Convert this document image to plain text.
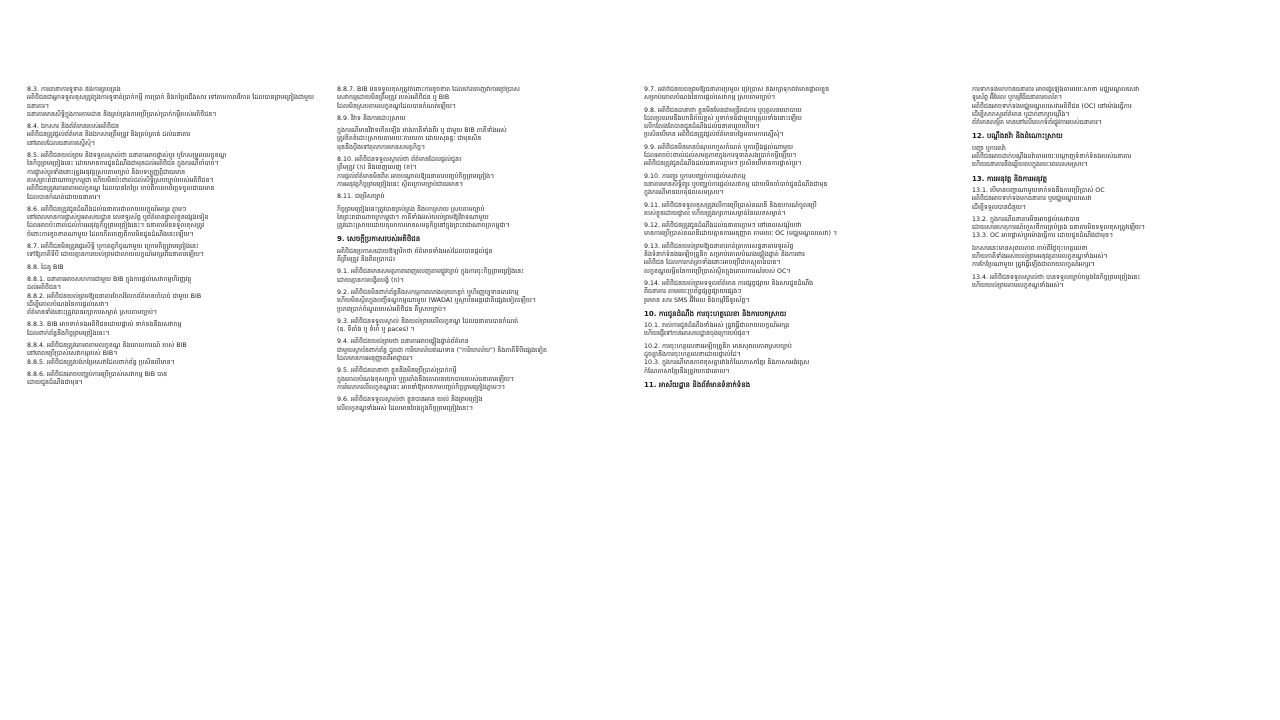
8.3. ការធានាការទូទាត់ និងការគ្រប់គ្រង
អតិថិជនជាអ្នកទទួលខុសត្រូវក្នុងការទូទាត់ប្រាក់កម្ចី ការប្រាក់ និងកម្រៃជើងសារ ទៅតាមកាលវិភាគ ដែលបានព្រមព្រៀងជាមួយធនាគារ។
ធនាគារមានសិទ្ធិក្នុងការតាមដាន និងគ្រប់គ្រងការប្រើប្រាស់ប្រាក់កម្ចីរបស់អតិថិជន។
8.4. ឯកសារ និងព័ត៌មានរបស់អតិថិជន
អតិថិជនត្រូវផ្តល់ព័ត៌មាន និងឯកសារត្រឹមត្រូវ និងគ្រប់គ្រាន់ ដល់ធនាគារ
នៅពេលដែលធនាគារស្នើសុំ។
8.5. អតិថិជនយល់ព្រម និងទទួលស្គាល់ថា ធនាគារអាចផ្លាស់ប្តូរ ឬកែសម្រួលលក្ខខណ្ឌ
នៃកិច្ចព្រមព្រៀងនេះ ដោយមានការជូនដំណឹងជាមុនដល់អតិថិជន ក្នុងករណីចាំបាច់។
ការផ្លាស់ប្តូរទាំងនោះត្រូវអនុវត្តស្របតាមច្បាប់ និងបទប្បញ្ញត្តិជាធរមាន
របស់ព្រះរាជាណាចក្រកម្ពុជា ហើយមិនប៉ះពាល់ដល់សិទ្ធិស្របច្បាប់របស់អតិថិជន។
អតិថិជនត្រូវគោរពតាមលក្ខខណ្ឌ ដែលបានកែប្រែ ចាប់ពីកាលបរិច្ឆេទចូលជាធរមាន
ដែលបានកំណត់ដោយធនាគារ។
8.6. អតិថិជនត្រូវជូនដំណឹងដល់ធនាគារជាលាយលក្ខណ៍អក្សរ ភ្លាមៗ
នៅពេលមានការផ្លាស់ប្តូរអាសយដ្ឋាន លេខទូរស័ព្ទ ឬព័ត៌មានផ្ទាល់ខ្លួនផ្សេងទៀត
ដែលអាចប៉ះពាល់ដល់ការអនុវត្តកិច្ចព្រមព្រៀងនេះ។ ធនាគារមិនទទួលខុសត្រូវ
ចំពោះការខូចខាតណាមួយ ដែលកើតចេញពីការមិនជូនដំណឹងនេះឡើយ។
8.7. អតិថិជនមិនត្រូវផ្ទេរសិទ្ធិ ឬកាតព្វកិច្ចណាមួយ ក្រោមកិច្ចព្រមព្រៀងនេះ
ទៅឱ្យភាគីទីបី ដោយគ្មានការយល់ព្រមជាលាយលក្ខណ៍អក្សរពីធនាគារឡើយ។
8.8. ដៃគូ BIB
8.8.1. ធនាគារអាចសហការជាមួយ BIB ក្នុងការផ្តល់សេវាកម្មហិរញ្ញវត្ថុ
ដល់អតិថិជន។
8.8.2. អតិថិជនយល់ព្រមឱ្យធនាគារចែករំលែកព័ត៌មានចាំបាច់ ជាមួយ BIB
ដើម្បីគោលបំណងនៃការផ្តល់សេវា។
ព័ត៌មានទាំងនោះត្រូវបានរក្សាការសម្ងាត់ ស្របតាមច្បាប់។
8.8.3. BIB អាចទាក់ទងអតិថិជនដោយផ្ទាល់ ទាក់ទងនឹងសេវាកម្ម
ដែលពាក់ព័ន្ធនឹងកិច្ចព្រមព្រៀងនេះ។
8.8.4. អតិថិជនត្រូវគោរពតាមលក្ខខណ្ឌ និងគោលការណ៍ របស់ BIB
នៅពេលប្រើប្រាស់សេវាកម្មរបស់ BIB។
8.8.5. អតិថិជនត្រូវបង់កម្រៃសេវាដែលពាក់ព័ន្ធ ប្រសិនបើមាន។
8.8.6. អតិថិជនអាចបញ្ឈប់ការប្រើប្រាស់សេវាកម្ម BIB បាន
ដោយជូនដំណឹងជាមុន។
8.8.7. BIB មិនទទួលខុសត្រូវចំពោះការខូចខាត ដែលកើតចេញពីការប្រើប្រាស់
សេវាកម្មដោយមិនត្រឹមត្រូវ របស់អតិថិជន ឬ BIB
ដែលមិនស្របតាមលក្ខខណ្ឌដែលបានកំណត់ឡើយ។
8.9. វិវាទ និងការដោះស្រាយ
ក្នុងករណីមានវិវាទកើតឡើង រវាងភាគីទាំងពីរ ឬ ជាមួយ BIB ភាគីទាំងអស់
ត្រូវខិតខំដោះស្រាយតាមរយៈការចរចា ដោយសុឆន្ទៈ ជាមុនសិន
មុននឹងប្តឹងទៅតុលាការមានសមត្ថកិច្ច។
8.10. អតិថិជនទទួលស្គាល់ថា ព័ត៌មានដែលផ្តល់ជូន៖
ត្រឹមត្រូវ (ក) និងពេញលេញ (ខ)។
ការផ្តល់ព័ត៌មានមិនពិត អាចបណ្តាលឱ្យធនាគារបញ្ចប់កិច្ចព្រមព្រៀង។
ការអនុវត្តកិច្ចព្រមព្រៀងនេះ ស្ថិតក្រោមច្បាប់ជាធរមាន។
8.11. ជម្រើសច្បាប់
កិច្ចព្រមព្រៀងនេះត្រូវបានគ្រប់គ្រង និងបកស្រាយ ស្របតាមច្បាប់
នៃព្រះរាជាណាចក្រកម្ពុជា។ ភាគីទាំងអស់យល់ព្រមឱ្យវិវាទណាមួយ
ត្រូវដោះស្រាយដោយតុលាការមានសមត្ថកិច្ចនៅក្នុងព្រះរាជាណាចក្រកម្ពុជា។
9. សេចក្តីប្រកាសរបស់អតិថិជន
អតិថិជនប្រកាសដោយឱឡារិកថា ព័ត៌មានទាំងអស់ដែលបានផ្តល់ជូន
គឺត្រឹមត្រូវ និងពិតប្រាកដ៖
9.1. អតិថិជនមានសមត្ថភាពពេញលេញតាមផ្លូវច្បាប់ ក្នុងការចុះកិច្ចព្រមព្រៀងនេះ
ដោយគ្មានការបង្ខិតបង្ខំ (ក)។
9.2. អតិថិជនមិនពាក់ព័ន្ធនឹងសកម្មភាពលាងលុយកខ្វក់ ឬហិរញ្ញប្បទានភេរវកម្ម
ហើយមិនស្ថិតក្នុងបញ្ជីទណ្ឌកម្មណាមួយ (WADA) ឬស្ថាប័នអន្តរជាតិផ្សេងទៀតឡើយ។
ប្រភពប្រាក់ចំណូលរបស់អតិថិជន គឺស្របច្បាប់។
9.3. អតិថិជនទទួលស្គាល់ និងយល់ព្រមលើលក្ខខណ្ឌ ដែលធនាគារបានកំណត់
(ឧ. ទីតាំង ឬ ទំហំ ឬ paces) ។
9.4. អតិថិជនយល់ព្រមថា ធនាគារអាចផ្ទៀងផ្ទាត់ព័ត៌មាន
ជាមួយស្ថាប័នពាក់ព័ន្ធ ដូចជា ការិយាល័យឥណទាន ("ការិយាល័យ") និងភាគីទីបីផ្សេងទៀត
ដែលមានការអនុញ្ញាតពីអាជ្ញាធរ។
9.5. អតិថិជនធានាថា ខ្លួននឹងមិនប្រើប្រាស់ប្រាក់កម្ចី
ក្នុងគោលបំណងខុសច្បាប់ ឬប្រឆាំងនឹងគោលនយោបាយរបស់ធនាគារឡើយ។
ការរំលោភលើលក្ខខណ្ឌនេះ អាចនាំឱ្យមានការបញ្ចប់កិច្ចព្រមព្រៀងភ្លាមៗ។
9.6. អតិថិជនទទួលស្គាល់ថា ខ្លួនបានអាន យល់ និងព្រមព្រៀង
លើលក្ខខណ្ឌទាំងអស់ ដែលមានចែងក្នុងកិច្ចព្រមព្រៀងនេះ។
9.7. អតិថិជនយល់ព្រមឱ្យធនាគារប្រមូល ប្រើប្រាស់ និងរក្សាទុកព័ត៌មានផ្ទាល់ខ្លួន
សម្រាប់គោលបំណងនៃការផ្តល់សេវាកម្ម ស្របតាមច្បាប់។
9.8. អតិថិជនធានាថា ខ្លួនមិនមែនជាមន្ត្រីរាជការ ឬបុគ្គលនយោបាយ
ដែលប្រឈមនឹងហានិភ័យខ្ពស់ ឬទាក់ទងជាមួយបុគ្គលទាំងនោះឡើយ
លើកលែងតែបានជូនដំណឹងដល់ធនាគាររួចហើយ។
ប្រសិនបើមាន អតិថិជនត្រូវផ្តល់ព័ត៌មានបន្ថែមតាមការស្នើសុំ។
9.9. អតិថិជនមិនមានបំណុលហួសកំណត់ ឬការប្តឹងផ្តល់ណាមួយ
ដែលអាចប៉ះពាល់ដល់សមត្ថភាពក្នុងការទូទាត់សងប្រាក់កម្ចីឡើយ។
អតិថិជនត្រូវជូនដំណឹងដល់ធនាគារភ្លាមៗ ប្រសិនបើមានការផ្លាស់ប្តូរ។
9.10. ការព្យួរ ឬការបញ្ឈប់ការផ្តល់សេវាកម្ម
ធនាគារមានសិទ្ធិព្យួរ ឬបញ្ឈប់ការផ្តល់សេវាកម្ម ដោយមិនចាំបាច់ជូនដំណឹងជាមុន
ក្នុងករណីមានហេតុផលសមស្រប។
9.11. អតិថិជនទទួលខុសត្រូវលើការប្រើប្រាស់គណនី និងឧបករណ៍ចូលប្រើ
របស់ខ្លួនដោយផ្ទាល់ ហើយត្រូវរក្សាការសម្ងាត់នៃលេខសម្ងាត់។
9.12. អតិថិជនត្រូវជូនដំណឹងដល់ធនាគារភ្លាមៗ នៅពេលសង្ស័យថា
មានការប្រើប្រាស់គណនីដោយគ្មានការអនុញ្ញាត តាមរយៈ OC (មជ្ឈមណ្ឌលសេវា) ។
9.13. អតិថិជនយល់ព្រមឱ្យធនាគារកត់ត្រាការសន្ទនាតាមទូរស័ព្ទ
និងទំនាក់ទំនងអេឡិចត្រូនិក សម្រាប់គោលបំណងផ្ទៀងផ្ទាត់ និងការពារ
អតិថិជន ដែលការកត់ត្រាទាំងនោះអាចប្រើជាភស្តុតាងបាន។
លក្ខខណ្ឌលម្អិតនៃការប្រើប្រាស់ស្ថិតក្នុងគោលការណ៍របស់ OC។
9.14. អតិថិជនយល់ព្រមទទួលព័ត៌មាន ការផ្សព្វផ្សាយ និងសារជូនដំណឹង
ពីធនាគារ តាមរយៈប្រព័ន្ធផ្សព្វផ្សាយផ្សេងៗ
រួមមាន សារ SMS អ៊ីមែល និងកម្មវិធីទូរស័ព្ទ។
10. ការជូនដំណឹង ការចុះហត្ថលេខា និងការបកស្រាយ
10.1. រាល់ការជូនដំណឹងទាំងអស់ ត្រូវធ្វើជាលាយលក្ខណ៍អក្សរ
ហើយផ្ញើទៅកាន់អាសយដ្ឋានចុងក្រោយបំផុត។
10.2. ការចុះហត្ថលេខាអេឡិចត្រូនិក មានសុពលភាពស្របច្បាប់
ដូចគ្នានឹងការចុះហត្ថលេខាដោយផ្ទាល់ដៃ។
10.3. ក្នុងករណីមានភាពខុសគ្នារវាងកំណែភាសាខ្មែរ និងភាសាអង់គ្លេស
កំណែភាសាខ្មែរនឹងត្រូវយកជាគោល។
11. អាស័យដ្ឋាន និងព័ត៌មានទំនាក់ទំនង
ការទាក់ទងមកកាន់ធនាគារ អាចធ្វើឡើងតាមរយៈសាខា មជ្ឈមណ្ឌលសេវា
ទូរស័ព្ទ អ៊ីមែល ឬកម្មវិធីធនាគារចល័ត។
អតិថិជនអាចទាក់ទងមជ្ឈមណ្ឌលសេវាអតិថិជន (OC) នៅម៉ោងធ្វើការ
ដើម្បីសាកសួរព័ត៌មាន ឬដាក់ពាក្យបណ្តឹង។
ព័ត៌មានលម្អិត មាននៅលើគេហទំព័រផ្លូវការរបស់ធនាគារ។
12. បណ្តឹងតវ៉ា និងដំណោះស្រាយ
បញ្ហា ឬការតវ៉ា
អតិថិជនអាចដាក់បណ្តឹងតវ៉ាតាមរយៈបណ្តាញទំនាក់ទំនងរបស់ធនាគារ
ហើយធនាគារនឹងឆ្លើយតបក្នុងរយៈពេលសមស្រប។
13. ការអនុវត្ត និងការអនុវត្ត
13.1. បើមានបញ្ហាណាមួយទាក់ទងនឹងការប្រើប្រាស់ OC
អតិថិជនអាចទាក់ទងមកធនាគារ ឬមជ្ឈមណ្ឌលសេវា
ដើម្បីទទួលបានជំនួយ។
13.2. ក្នុងករណីធនាគារមិនអាចផ្តល់សេវាបាន
ដោយសារហេតុការណ៍ហួសពីការគ្រប់គ្រង ធនាគារមិនទទួលខុសត្រូវឡើយ។
13.3. OC អាចផ្លាស់ប្តូរម៉ោងធ្វើការ ដោយជូនដំណឹងជាមុន។
ឯកសារនេះមានសុពលភាព ចាប់ពីថ្ងៃចុះហត្ថលេខា
ហើយភាគីទាំងអស់យល់ព្រមអនុវត្តតាមលក្ខខណ្ឌទាំងអស់។
ការកែប្រែណាមួយ ត្រូវធ្វើឡើងជាលាយលក្ខណ៍អក្សរ។
13.4. អតិថិជនទទួលស្គាល់ថា បានទទួលច្បាប់ចម្លងនៃកិច្ចព្រមព្រៀងនេះ
ហើយយល់ព្រមតាមលក្ខខណ្ឌទាំងអស់។
